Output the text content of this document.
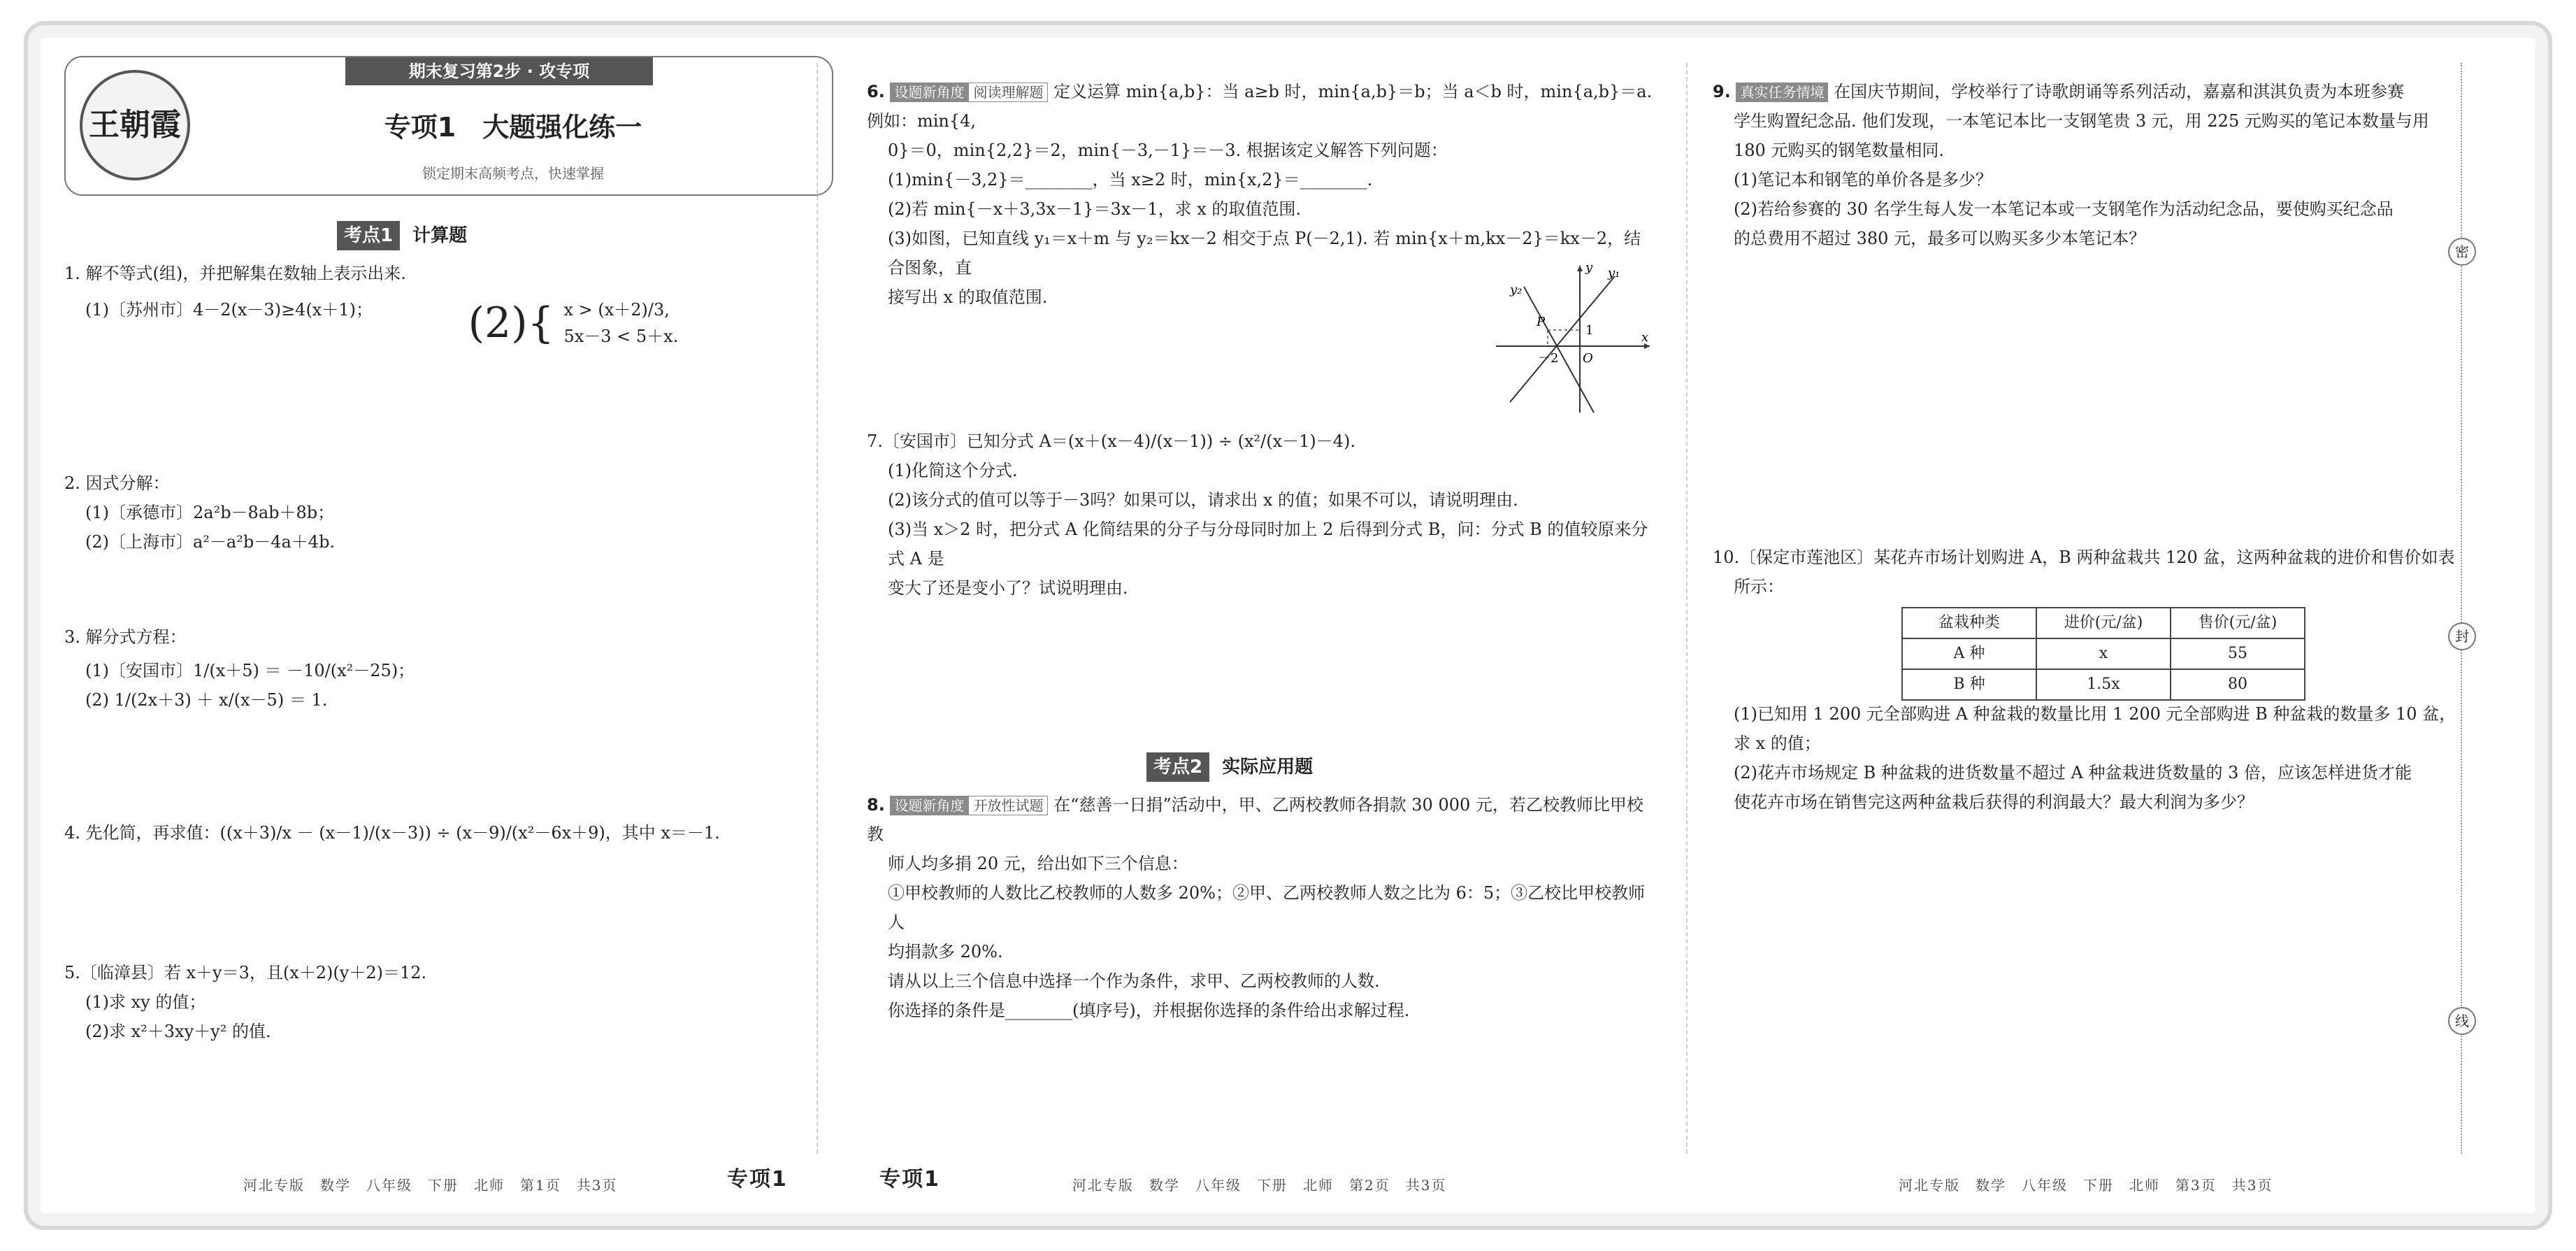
密
封
线
王朝霞
期末复习第2步 · 攻专项
专项1　大题强化练一
锁定期末高频考点，快速掌握
考点1 计算题
1. 解不等式(组)，并把解集在数轴上表示出来.
(1)〔苏州市〕4－2(x－3)≥4(x＋1)； (2){ x > (x＋2)/3,
5x－3 < 5＋x.
2. 因式分解：
(1)〔承德市〕2a²b－8ab＋8b； (2)〔上海市〕a²－a²b－4a＋4b.
3. 解分式方程：
(1)〔安国市〕1/(x＋5) ＝ －10/(x²－25)； (2) 1/(2x＋3) ＋ x/(x－5) ＝ 1.
4. 先化简，再求值：((x＋3)/x － (x－1)/(x－3)) ÷ (x－9)/(x²－6x＋9)，其中 x＝－1.
5.〔临漳县〕若 x＋y＝3，且(x＋2)(y＋2)＝12.
(1)求 xy 的值；
(2)求 x²＋3xy＋y² 的值.
河北专版　数学　八年级　下册　北师　第1页　共3页	专项1	专项1
6. 设题新角度 阅读理解题 定义运算 min{a,b}：当 a≥b 时，min{a,b}＝b；当 a＜b 时，min{a,b}＝a. 例如：min{4,
0}＝0，min{2,2}＝2，min{－3,－1}＝－3. 根据该定义解答下列问题：
(1)min{－3,2}＝________，当 x≥2 时，min{x,2}＝________.
(2)若 min{－x＋3,3x－1}＝3x－1，求 x 的取值范围.
(3)如图，已知直线 y₁＝x＋m 与 y₂＝kx－2 相交于点 P(－2,1). 若 min{x＋m,kx－2}＝kx－2，结合图象，直
接写出 x 的取值范围.
y
x
y₁
y₂
P
1
－2 O
7.〔安国市〕已知分式 A＝(x＋(x－4)/(x－1)) ÷ (x²/(x－1)－4).
(1)化简这个分式.
(2)该分式的值可以等于－3吗？如果可以，请求出 x 的值；如果不可以，请说明理由.
(3)当 x＞2 时，把分式 A 化简结果的分子与分母同时加上 2 后得到分式 B，问：分式 B 的值较原来分式 A 是
变大了还是变小了？试说明理由.
考点2 实际应用题
8. 设题新角度 开放性试题 在“慈善一日捐”活动中，甲、乙两校教师各捐款 30 000 元，若乙校教师比甲校教
师人均多捐 20 元，给出如下三个信息：
①甲校教师的人数比乙校教师的人数多 20%；②甲、乙两校教师人数之比为 6：5；③乙校比甲校教师人
均捐款多 20%.
请从以上三个信息中选择一个作为条件，求甲、乙两校教师的人数.
你选择的条件是________(填序号)，并根据你选择的条件给出求解过程.
河北专版　数学　八年级　下册　北师　第2页　共3页
9. 真实任务情境 在国庆节期间，学校举行了诗歌朗诵等系列活动，嘉嘉和淇淇负责为本班参赛
学生购置纪念品. 他们发现，一本笔记本比一支钢笔贵 3 元，用 225 元购买的笔记本数量与用
180 元购买的钢笔数量相同.
(1)笔记本和钢笔的单价各是多少？
(2)若给参赛的 30 名学生每人发一本笔记本或一支钢笔作为活动纪念品，要使购买纪念品
的总费用不超过 380 元，最多可以购买多少本笔记本？
10.〔保定市莲池区〕某花卉市场计划购进 A，B 两种盆栽共 120 盆，这两种盆栽的进价和售价如表
所示：
盆栽种类	进价(元/盆)	售价(元/盆)
A 种	x	55
B 种	1.5x	80
(1)已知用 1 200 元全部购进 A 种盆栽的数量比用 1 200 元全部购进 B 种盆栽的数量多 10 盆，
求 x 的值；
(2)花卉市场规定 B 种盆栽的进货数量不超过 A 种盆栽进货数量的 3 倍，应该怎样进货才能
使花卉市场在销售完这两种盆栽后获得的利润最大？最大利润为多少？
河北专版　数学　八年级　下册　北师　第3页　共3页
